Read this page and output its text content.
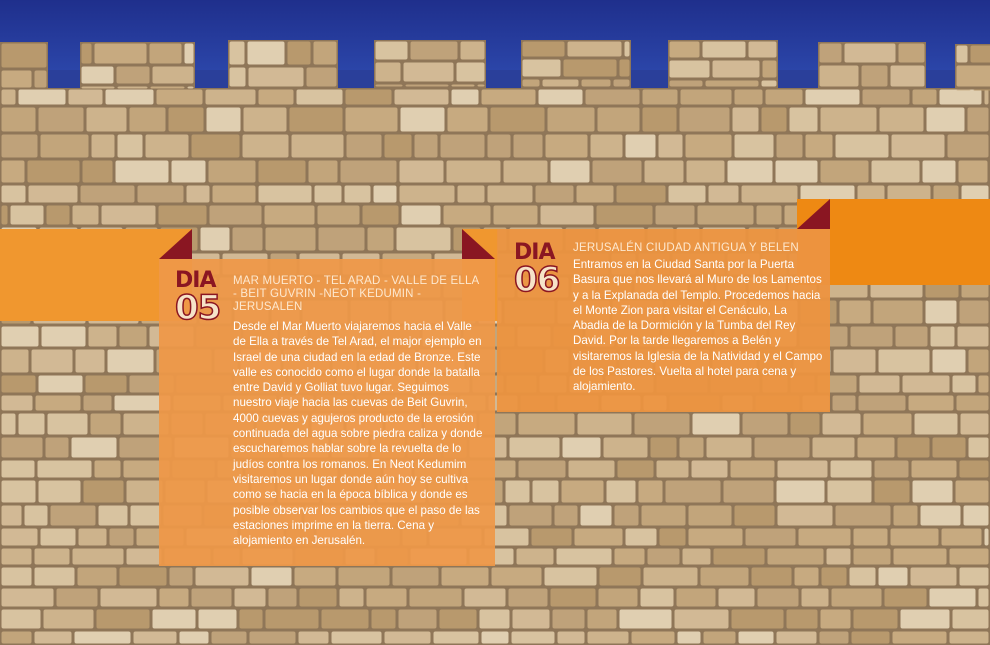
DIA
05
MAR MUERTO - TEL ARAD - VALLE DE ELLA - BEIT GUVRIN -NEOT KEDUMIN - JERUSALEN
Desde el Mar Muerto viajaremos hacia el Valle de Ella a través de Tel Arad, el major ejemplo en Israel de una ciudad en la edad de Bronze. Este valle es conocido como el lugar donde la batalla entre David y Golliat tuvo lugar. Seguimos nuestro viaje hacia las cuevas de Beit Guvrin, 4000 cuevas y agujeros producto de la erosión continuada del agua sobre piedra caliza y donde escucharemos hablar sobre la revuelta de lo judíos contra los romanos. En Neot Kedumim visitaremos un lugar donde aún hoy se cultiva como se hacia en la época bíblica y donde es posible observar los cambios que el paso de las estaciones imprime en la tierra. Cena y alojamiento en Jerusalén.
DIA
06
JERUSALÉN CIUDAD ANTIGUA Y BELEN
Entramos en la Ciudad Santa por la Puerta Basura que nos llevará al Muro de los Lamentos y a la Explanada del Templo. Procedemos hacia el Monte Zion para visitar el Cenáculo, La Abadia de la Dormición y la Tumba del Rey David. Por la tarde llegaremos a Belén y visitaremos la Iglesia de la Natividad y el Campo de los Pastores. Vuelta al hotel para cena y alojamiento.
